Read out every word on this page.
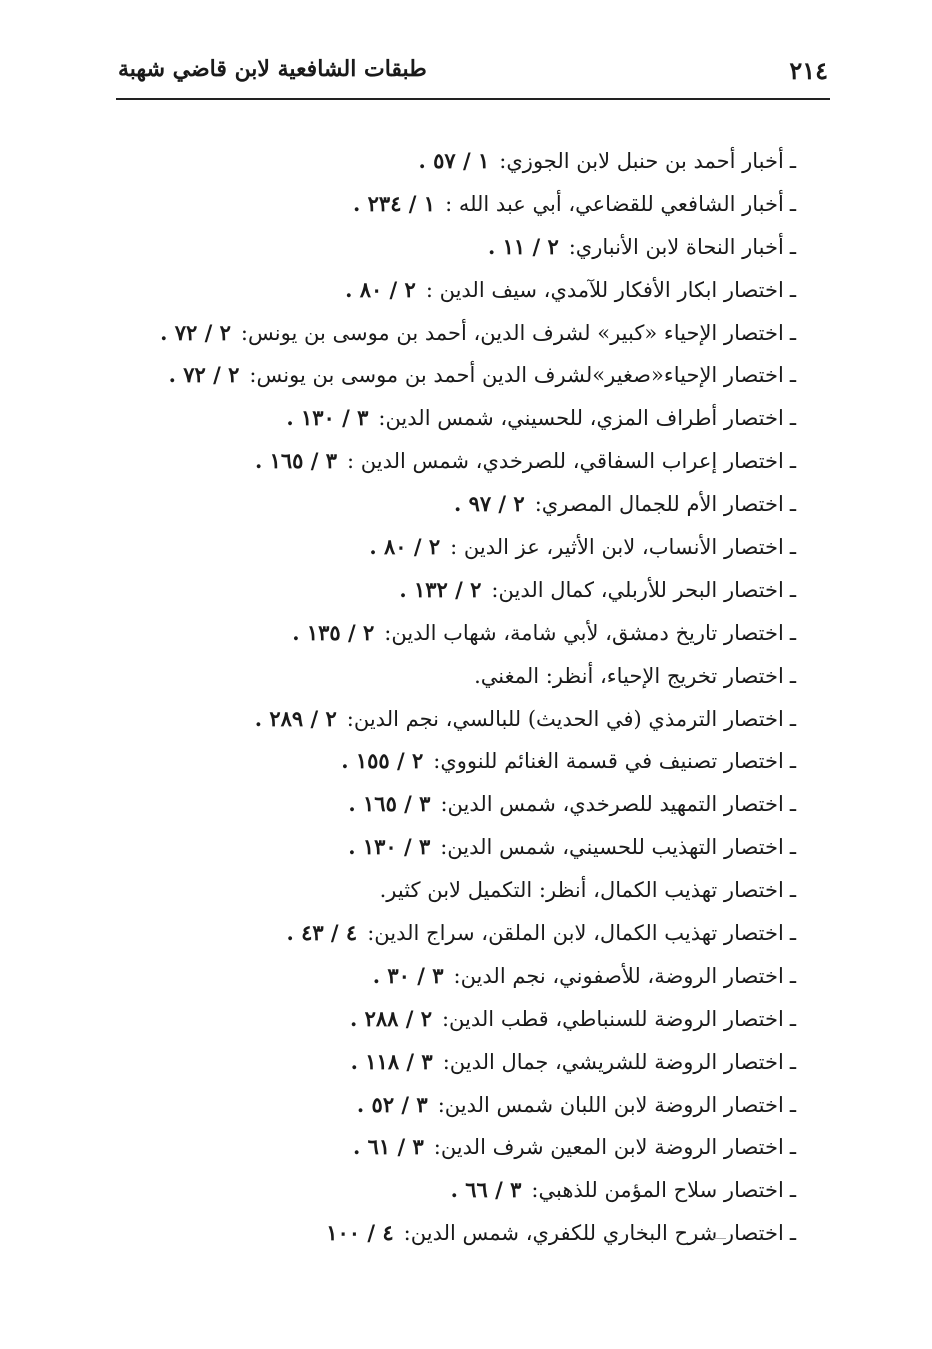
٢١٤
طبقات الشافعية لابن قاضي شهبة
ـ
أخبار أحمد بن حنبل لابن الجوزي:
١ / ٥٧ .
ـ
أخبار الشافعي للقضاعي، أبي عبد الله :
١ / ٢٣٤ .
ـ
أخبار النحاة لابن الأنباري:
٢ / ١١ .
ـ
اختصار ابكار الأفكار للآمدي، سيف الدين :
٢ / ٨٠ .
ـ
اختصار الإحياء «كبير» لشرف الدين، أحمد بن موسى بن يونس:
٢ / ٧٢ .
ـ
اختصار الإحياء«صغير»لشرف الدين أحمد بن موسى بن يونس:
٢ / ٧٢ .
ـ
اختصار أطراف المزي، للحسيني، شمس الدين:
٣ / ١٣٠ .
ـ
اختصار إعراب السفاقي، للصرخدي، شمس الدين :
٣ / ١٦٥ .
ـ
اختصار الأم للجمال المصري:
٢ / ٩٧ .
ـ
اختصار الأنساب، لابن الأثير، عز الدين :
٢ / ٨٠ .
ـ
اختصار البحر للأربلي، كمال الدين:
٢ / ١٣٢ .
ـ
اختصار تاريخ دمشق، لأبي شامة، شهاب الدين:
٢ / ١٣٥ .
ـ
اختصار تخريج الإحياء، أنظر: المغني.
ـ
اختصار الترمذي (في الحديث) للبالسي، نجم الدين:
٢ / ٢٨٩ .
ـ
اختصار تصنيف في قسمة الغنائم للنووي:
٢ / ١٥٥ .
ـ
اختصار التمهيد للصرخدي، شمس الدين:
٣ / ١٦٥ .
ـ
اختصار التهذيب للحسيني، شمس الدين:
٣ / ١٣٠ .
ـ
اختصار تهذيب الكمال، أنظر: التكميل لابن كثير.
ـ
اختصار تهذيب الكمال، لابن الملقن، سراج الدين:
٤ / ٤٣ .
ـ
اختصار الروضة، للأصفوني، نجم الدين:
٣ / ٣٠ .
ـ
اختصار الروضة للسنباطي، قطب الدين:
٢ / ٢٨٨ .
ـ
اختصار الروضة للشريشي، جمال الدين:
٣ / ١١٨ .
ـ
اختصار الروضة لابن اللبان شمس الدين:
٣ / ٥٢ .
ـ
اختصار الروضة لابن المعين شرف الدين:
٣ / ٦١ .
ـ
اختصار سلاح المؤمن للذهبي:
٣ / ٦٦ .
ـ
اختصار شرح البخاري للكفري، شمس الدين:
٤ / ١٠٠
